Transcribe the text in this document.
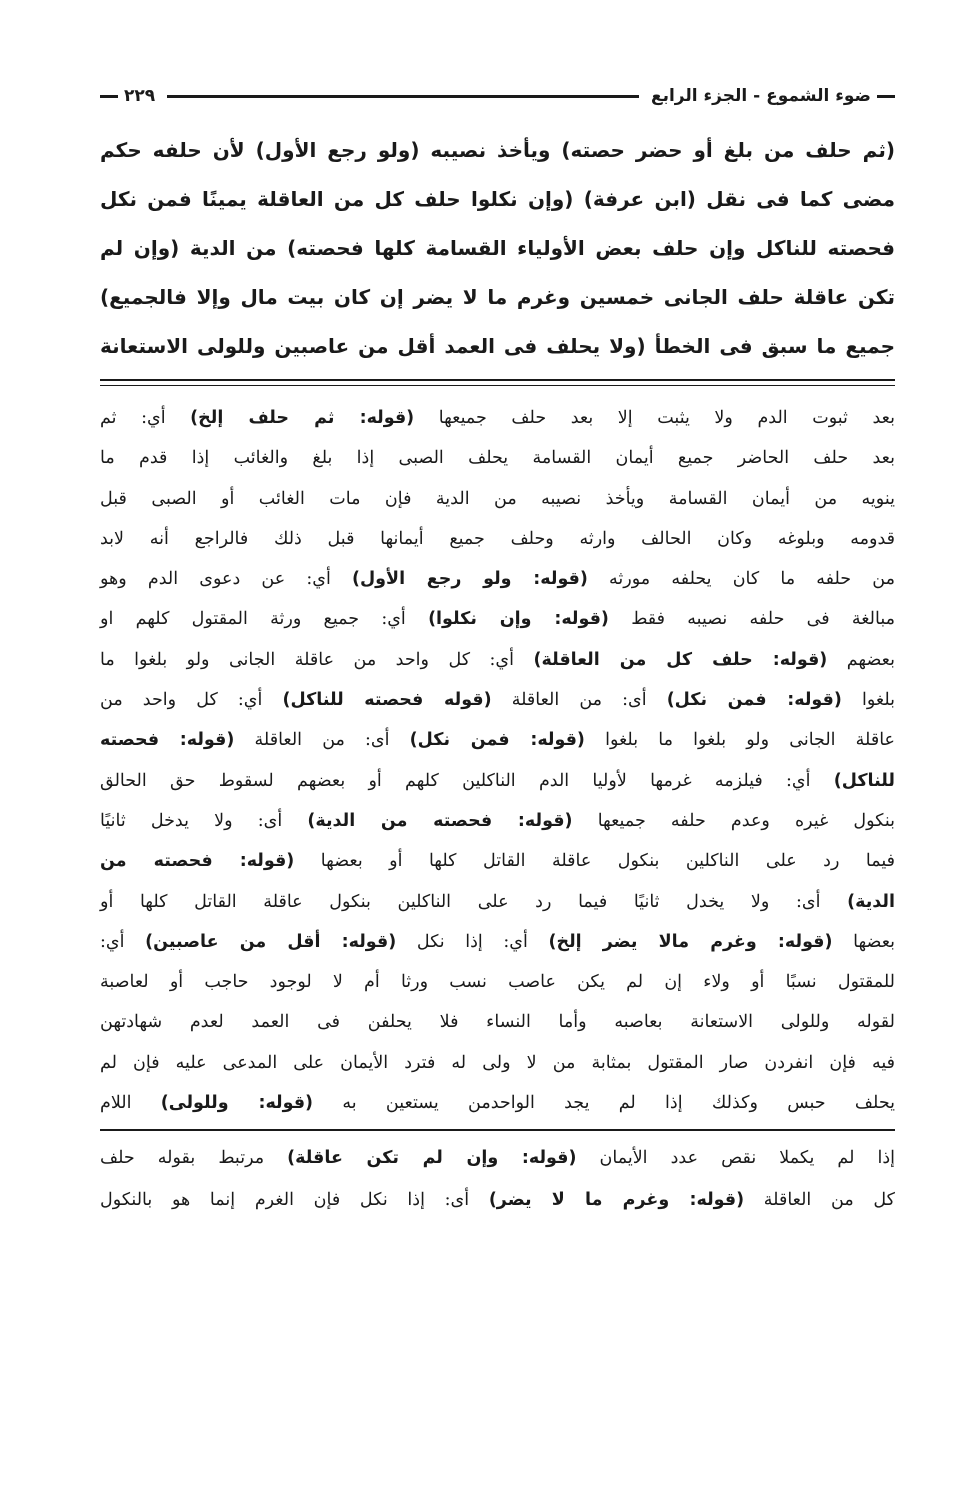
ضوء الشموع - الجزء الرابع
٢٢٩
(ثم حلف من بلغ أو حضر حصته) ويأخذ نصيبه (ولو رجع الأول) لأن حلفه حكم
مضى كما فى نقل (ابن عرفة) (وإن نكلوا حلف كل من العاقلة يمينًا فمن نكل
فحصته للناكل وإن حلف بعض الأولياء القسامة كلها فحصته) من الدية (وإن لم
تكن عاقلة حلف الجانى خمسين وغرم ما لا يضر إن كان بيت مال وإلا فالجميع)
جميع ما سبق فى الخطأ (ولا يحلف فى العمد أقل من عاصبين وللولى الاستعانة
بعد ثبوت الدم ولا يثبت إلا بعد حلف جميعها (قوله: ثم حلف إلخ) أي: ثم
بعد حلف الحاضر جميع أيمان القسامة يحلف الصبى إذا بلغ والغائب إذا قدم ما
ينويه من أيمان القسامة ويأخذ نصيبه من الدية فإن مات الغائب أو الصبى قبل
قدومه وبلوغه وكان الحالف وارثه وحلف جميع أيمانها قبل ذلك فالراجع أنه لابد
من حلفه ما كان يحلفه مورثه (قوله: ولو رجع الأول) أي: عن دعوى الدم وهو
مبالغة فى حلفه نصيبه فقط (قوله: وإن نكلوا) أي: جميع ورثة المقتول كلهم او
بعضهم (قوله: حلف كل من العاقلة) أي: كل واحد من عاقلة الجانى ولو بلغوا ما
بلغوا (قوله: فمن نكل) أى: من العاقلة (قوله فحصته للناكل) أي: كل واحد من
عاقلة الجانى ولو بلغوا ما بلغوا (قوله: فمن نكل) أى: من العاقلة (قوله: فحصته
للناكل) أي: فيلزمه غرمها لأوليا الدم الناكلين كلهم أو بعضهم لسقوط حق الحالق
بنكول غيره وعدم حلفه جميعها (قوله: فحصته من الدية) أى: ولا يدخل ثانيًا
فيما رد على الناكلين بنكول عاقلة القاتل كلها أو بعضها (قوله: فحصته من
الدية) أى: ولا يخدل ثانيًا فيما رد على الناكلين بنكول عاقلة القاتل كلها أو
بعضها (قوله: وغرم مالا يضر إلخ) أي: إذا نكل (قوله: أقل من عاصبين) أي:
للمقتول نسبًا أو ولاء إن لم يكن عاصب نسب ورثا أم لا لوجود حاجب أو لعاصبة
لقوله وللولى الاستعانة بعاصبه وأما النساء فلا يحلفن فى العمد لعدم شهادتهن
فيه فإن انفردن صار المقتول بمثابة من لا ولى له فترد الأيمان على المدعى عليه فإن لم
يحلف حبس وكذلك إذا لم يجد الواحدمن يستعين به (قوله: وللولى) اللام
إذا لم يكملا نقص عدد الأيمان (قوله: وإن لم تكن عاقلة) مرتبط بقوله حلف
كل من العاقلة (قوله: وغرم ما لا يضر) أى: إذا نكل فإن الغرم إنما هو بالنكول
